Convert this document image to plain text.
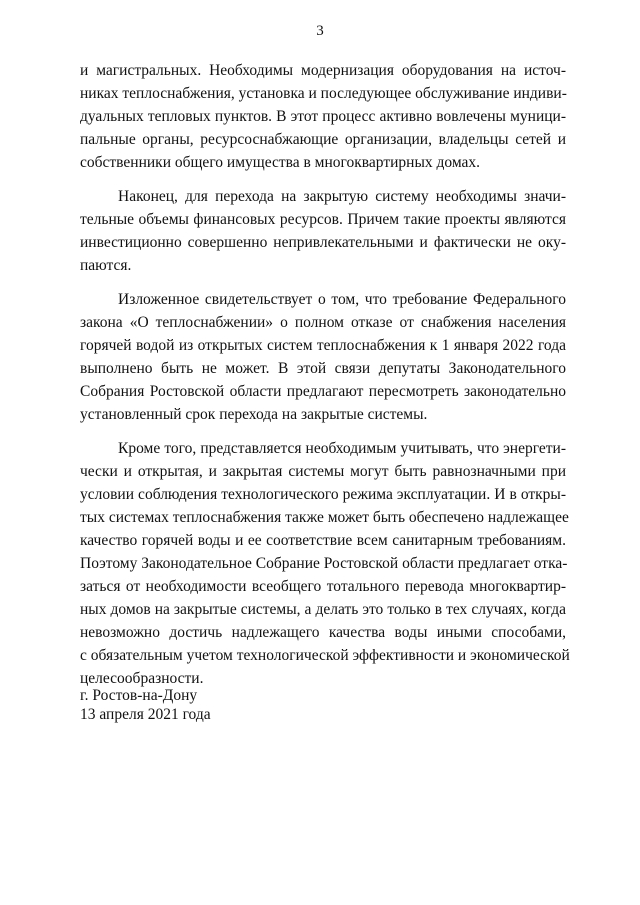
3
и магистральных. Необходимы модернизация оборудования на источ-
никах теплоснабжения, установка и последующее обслуживание индиви-
дуальных тепловых пунктов. В этот процесс активно вовлечены муници-
пальные органы, ресурсоснабжающие организации, владельцы сетей и
собственники общего имущества в многоквартирных домах.
Наконец, для перехода на закрытую систему необходимы значи-
тельные объемы финансовых ресурсов. Причем такие проекты являются
инвестиционно совершенно непривлекательными и фактически не оку-
паются.
Изложенное свидетельствует о том, что требование Федерального
закона «О теплоснабжении» о полном отказе от снабжения населения
горячей водой из открытых систем теплоснабжения к 1 января 2022 года
выполнено быть не может. В этой связи депутаты Законодательного
Собрания Ростовской области предлагают пересмотреть законодательно
установленный срок перехода на закрытые системы.
Кроме того, представляется необходимым учитывать, что энергети-
чески и открытая, и закрытая системы могут быть равнозначными при
условии соблюдения технологического режима эксплуатации. И в откры-
тых системах теплоснабжения также может быть обеспечено надлежащее
качество горячей воды и ее соответствие всем санитарным требованиям.
Поэтому Законодательное Собрание Ростовской области предлагает отка-
заться от необходимости всеобщего тотального перевода многоквартир-
ных домов на закрытые системы, а делать это только в тех случаях, когда
невозможно достичь надлежащего качества воды иными способами,
с обязательным учетом технологической эффективности и экономической
целесообразности.
г. Ростов-на-Дону
13 апреля 2021 года
